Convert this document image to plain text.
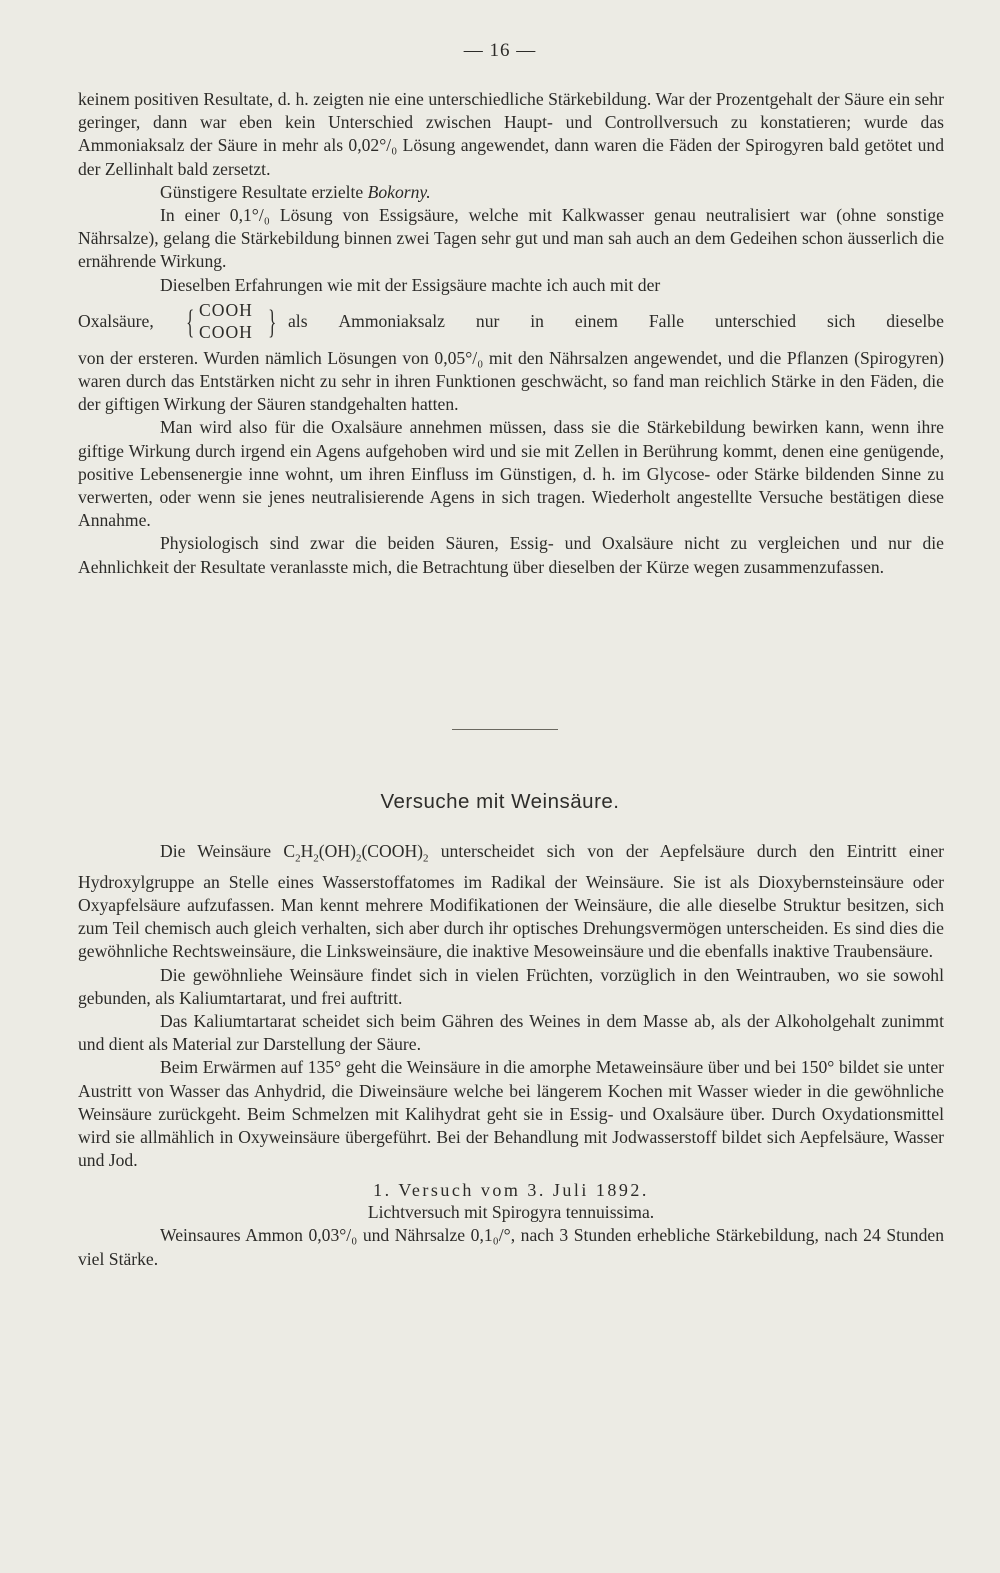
— 16 —

keinem positiven Resultate, d. h. zeigten nie eine unterschiedliche Stärkebildung. War der Prozentgehalt der Säure ein sehr geringer, dann war eben kein Unterschied zwischen Haupt- und Controllversuch zu konstatieren; wurde das Ammoniaksalz der Säure in mehr als 0,02°/₀ Lösung angewendet, dann waren die Fäden der Spirogyren bald getötet und der Zellinhalt bald zersetzt.

Günstigere Resultate erzielte Bokorny.

In einer 0,1°/₀ Lösung von Essigsäure, welche mit Kalkwasser genau neutralisiert war (ohne sonstige Nährsalze), gelang die Stärkebildung binnen zwei Tagen sehr gut und man sah auch an dem Gedeihen schon äusserlich die ernährende Wirkung.

Dieselben Erfahrungen wie mit der Essigsäure machte ich auch mit der

Oxalsäure, { COOH
COOH } als Ammoniaksalz nur in einem Falle unterschied sich dieselbe

von der ersteren. Wurden nämlich Lösungen von 0,05°/₀ mit den Nährsalzen angewendet, und die Pflanzen (Spirogyren) waren durch das Entstärken nicht zu sehr in ihren Funktionen geschwächt, so fand man reichlich Stärke in den Fäden, die der giftigen Wirkung der Säuren standgehalten hatten.

Man wird also für die Oxalsäure annehmen müssen, dass sie die Stärkebildung bewirken kann, wenn ihre giftige Wirkung durch irgend ein Agens aufgehoben wird und sie mit Zellen in Berührung kommt, denen eine genügende, positive Lebensenergie inne wohnt, um ihren Einfluss im Günstigen, d. h. im Glycose- oder Stärke bildenden Sinne zu verwerten, oder wenn sie jenes neutralisierende Agens in sich tragen. Wiederholt angestellte Versuche bestätigen diese Annahme.

Physiologisch sind zwar die beiden Säuren, Essig- und Oxalsäure nicht zu vergleichen und nur die Aehnlichkeit der Resultate veranlasste mich, die Betrachtung über dieselben der Kürze wegen zusammenzufassen.

Versuche mit Weinsäure.

Die Weinsäure $C_2H_2(OH)_2(COOH)_2$ unterscheidet sich von der Aepfelsäure durch den Eintritt einer Hydroxylgruppe an Stelle eines Wasserstoffatomes im Radikal der Weinsäure. Sie ist als Dioxybernsteinsäure oder Oxyapfelsäure aufzufassen. Man kennt mehrere Modifikationen der Weinsäure, die alle dieselbe Struktur besitzen, sich zum Teil chemisch auch gleich verhalten, sich aber durch ihr optisches Drehungsvermögen unterscheiden. Es sind dies die gewöhnliche Rechtsweinsäure, die Linksweinsäure, die inaktive Mesoweinsäure und die ebenfalls inaktive Traubensäure.

Die gewöhnliehe Weinsäure findet sich in vielen Früchten, vorzüglich in den Weintrauben, wo sie sowohl gebunden, als Kaliumtartarat, und frei auftritt.

Das Kaliumtartarat scheidet sich beim Gähren des Weines in dem Masse ab, als der Alkoholgehalt zunimmt und dient als Material zur Darstellung der Säure.

Beim Erwärmen auf 135° geht die Weinsäure in die amorphe Metaweinsäure über und bei 150° bildet sie unter Austritt von Wasser das Anhydrid, die Diweinsäure welche bei längerem Kochen mit Wasser wieder in die gewöhnliche Weinsäure zurückgeht. Beim Schmelzen mit Kalihydrat geht sie in Essig- und Oxalsäure über. Durch Oxydationsmittel wird sie allmählich in Oxyweinsäure übergeführt. Bei der Behandlung mit Jodwasserstoff bildet sich Aepfelsäure, Wasser und Jod.

1. Versuch vom 3. Juli 1892.
Lichtversuch mit Spirogyra tennuissima.

Weinsaures Ammon 0,03°/₀ und Nährsalze 0,1₀/°, nach 3 Stunden erhebliche Stärkebildung, nach 24 Stunden viel Stärke.
